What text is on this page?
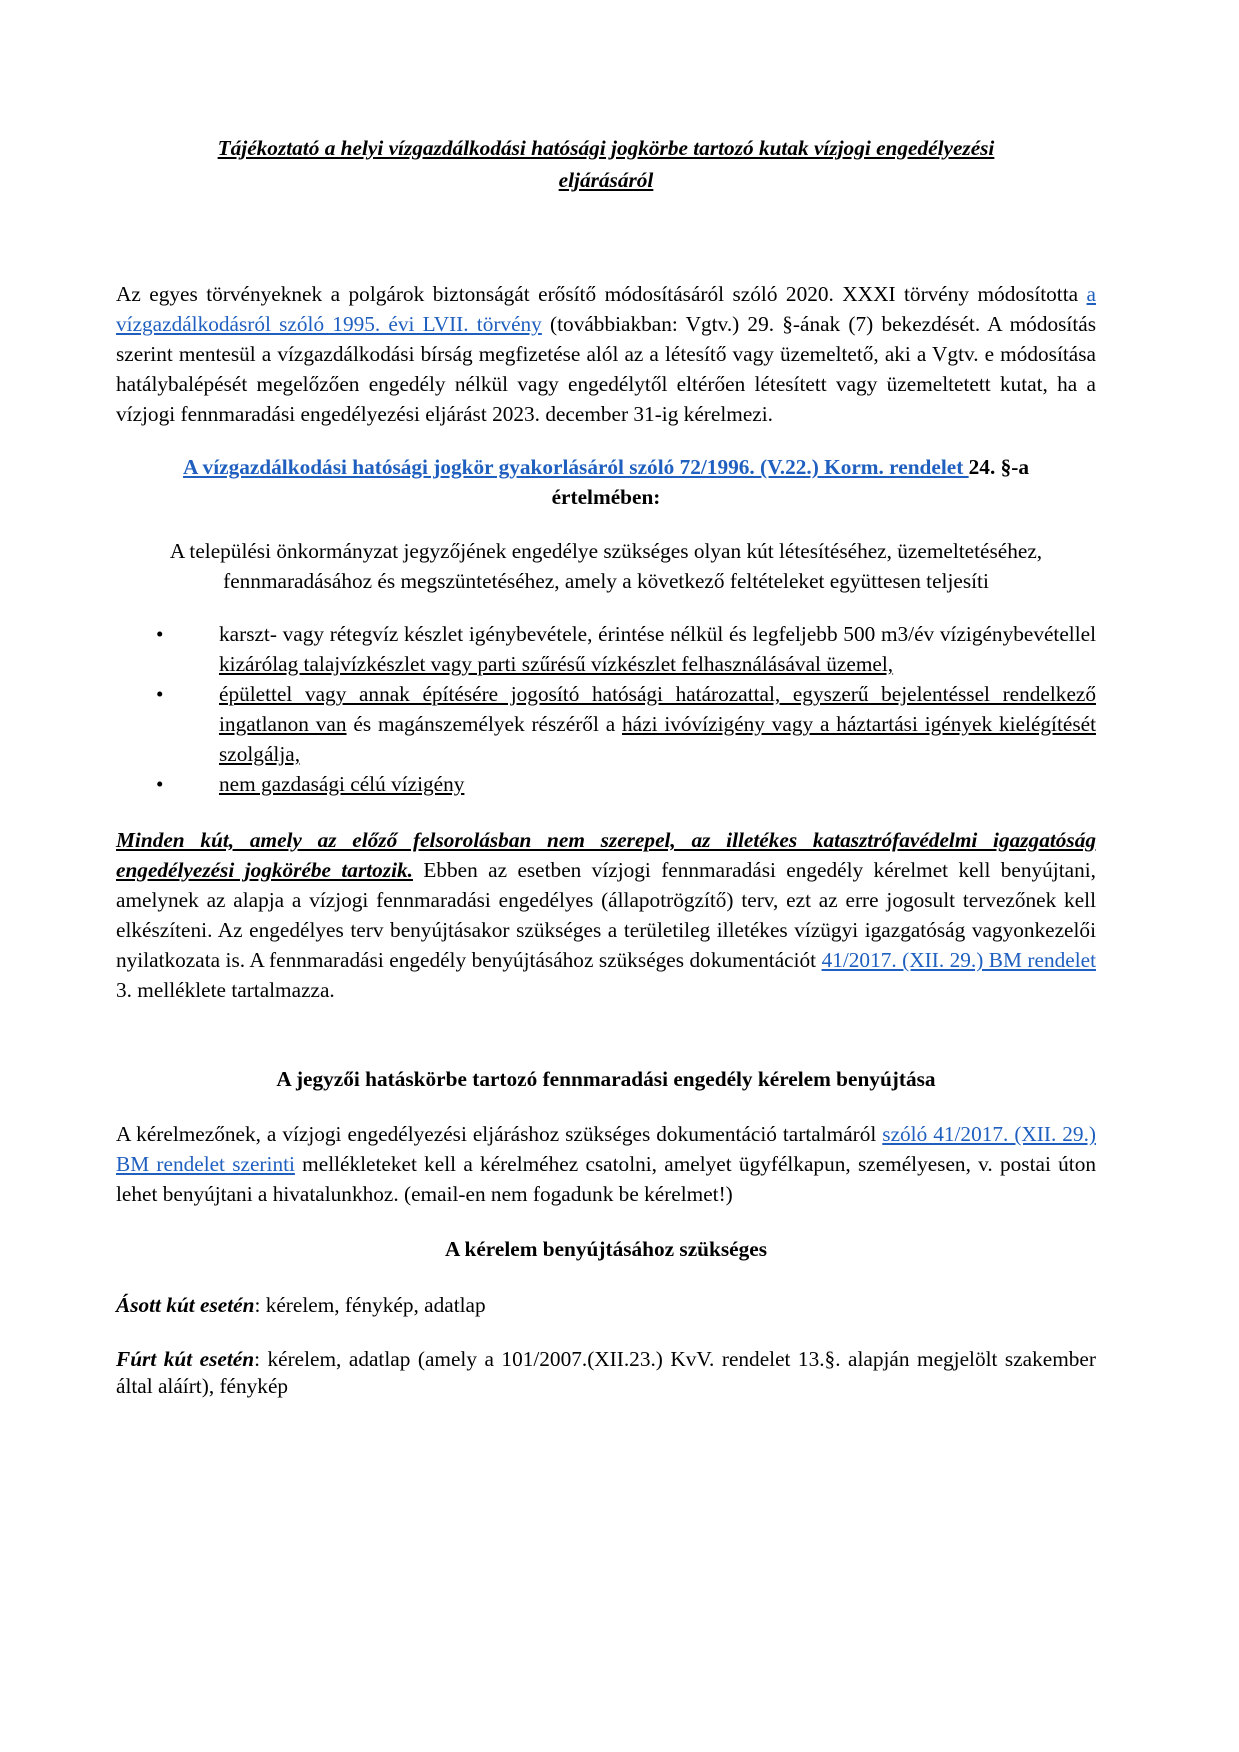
Tájékoztató a helyi vízgazdálkodási hatósági jogkörbe tartozó kutak vízjogi engedélyezési
eljárásáról

Az egyes törvényeknek a polgárok biztonságát erősítő módosításáról szóló 2020. XXXI törvény módosította a vízgazdálkodásról szóló 1995. évi LVII. törvény (továbbiakban: Vgtv.) 29. §-ának (7) bekezdését. A módosítás szerint mentesül a vízgazdálkodási bírság megfizetése alól az a létesítő vagy üzemeltető, aki a Vgtv. e módosítása hatálybalépését megelőzően engedély nélkül vagy engedélytől eltérően létesített vagy üzemeltetett kutat, ha a vízjogi fennmaradási engedélyezési eljárást 2023. december 31-ig kérelmezi.

A vízgazdálkodási hatósági jogkör gyakorlásáról szóló 72/1996. (V.22.) Korm. rendelet 24. §-a értelmében:

A települési önkormányzat jegyzőjének engedélye szükséges olyan kút létesítéséhez, üzemeltetéséhez, fennmaradásához és megszüntetéséhez, amely a következő feltételeket együttesen teljesíti

•	karszt- vagy rétegvíz készlet igénybevétele, érintése nélkül és legfeljebb 500 m3/év vízigénybevétellel kizárólag talajvízkészlet vagy parti szűrésű vízkészlet felhasználásával üzemel,
•	épülettel vagy annak építésére jogosító hatósági határozattal, egyszerű bejelentéssel rendelkező ingatlanon van és magánszemélyek részéről a házi ivóvízigény vagy a háztartási igények kielégítését szolgálja,
•	nem gazdasági célú vízigény

Minden kút, amely az előző felsorolásban nem szerepel, az illetékes katasztrófavédelmi igazgatóság engedélyezési jogkörébe tartozik. Ebben az esetben vízjogi fennmaradási engedély kérelmet kell benyújtani, amelynek az alapja a vízjogi fennmaradási engedélyes (állapotrögzítő) terv, ezt az erre jogosult tervezőnek kell elkészíteni. Az engedélyes terv benyújtásakor szükséges a területileg illetékes vízügyi igazgatóság vagyonkezelői nyilatkozata is. A fennmaradási engedély benyújtásához szükséges dokumentációt 41/2017. (XII. 29.) BM rendelet 3. melléklete tartalmazza.

A jegyzői hatáskörbe tartozó fennmaradási engedély kérelem benyújtása

A kérelmezőnek, a vízjogi engedélyezési eljáráshoz szükséges dokumentáció tartalmáról szóló 41/2017. (XII. 29.) BM rendelet szerinti mellékleteket kell a kérelméhez csatolni, amelyet ügyfélkapun, személyesen, v. postai úton lehet benyújtani a hivatalunkhoz. (email-en nem fogadunk be kérelmet!)

A kérelem benyújtásához szükséges

Ásott kút esetén: kérelem, fénykép, adatlap

Fúrt kút esetén: kérelem, adatlap (amely a 101/2007.(XII.23.) KvV. rendelet 13.§. alapján megjelölt szakember által aláírt), fénykép
